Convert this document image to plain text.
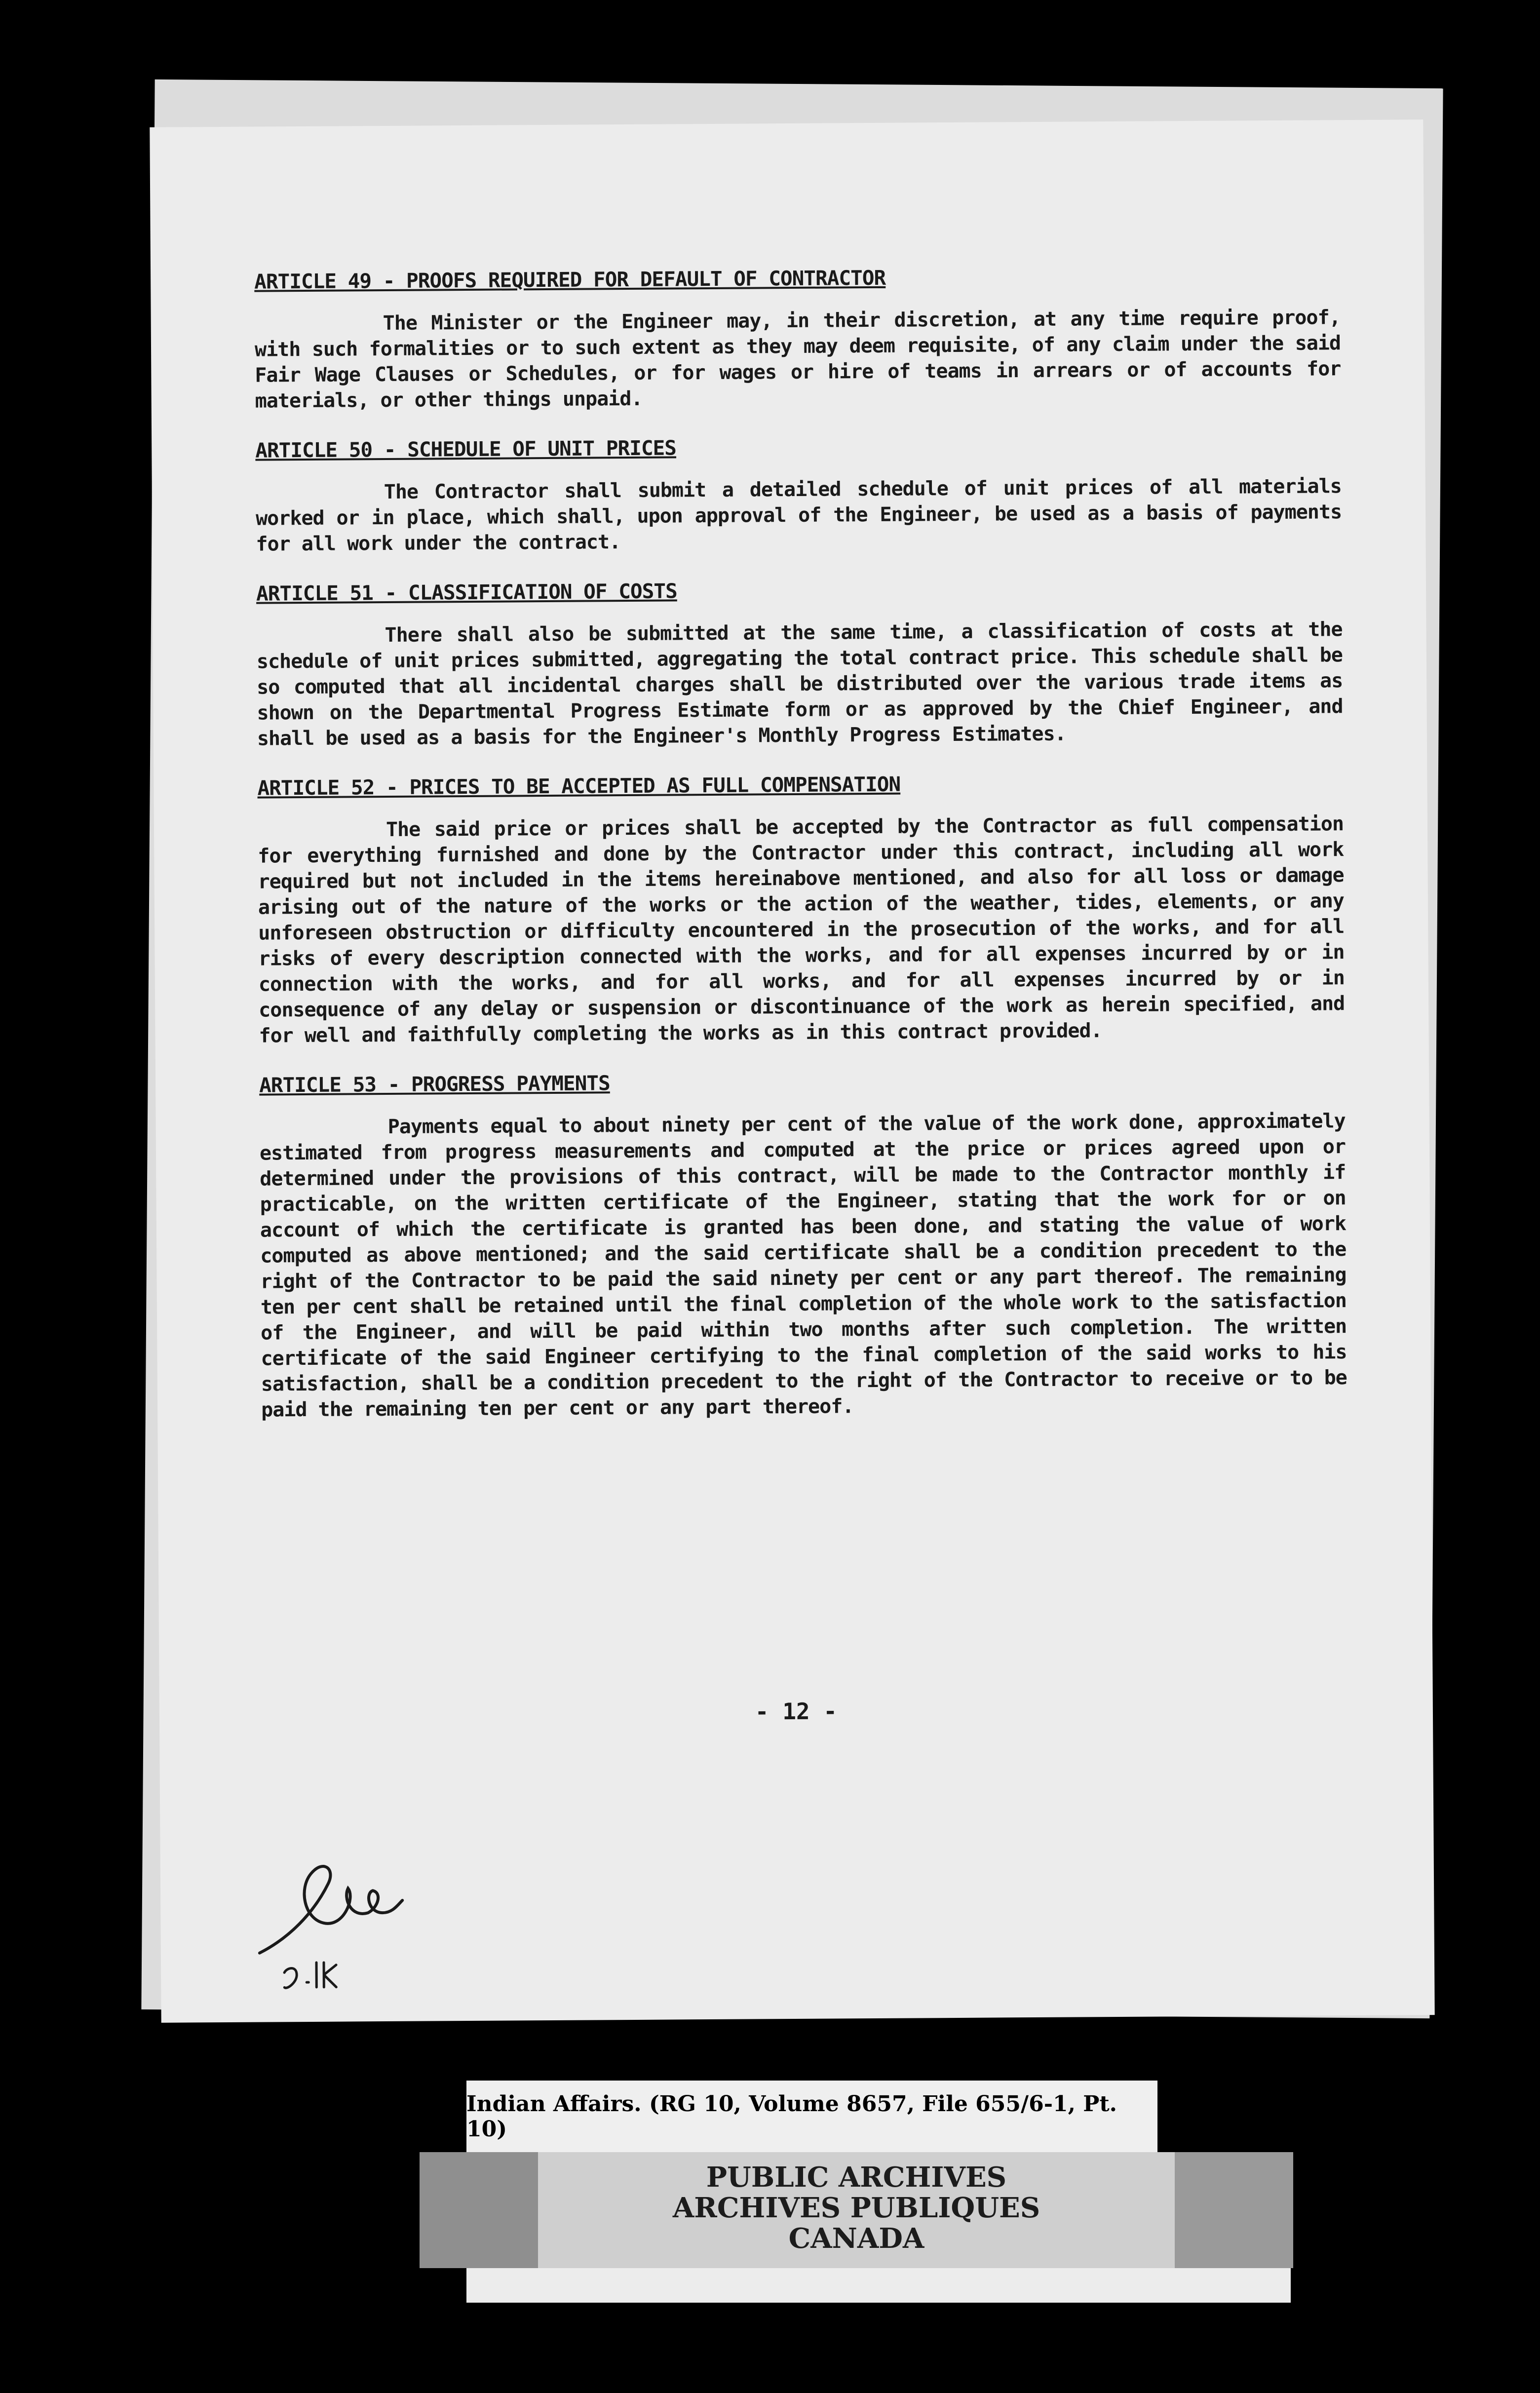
ARTICLE 49 - PROOFS REQUIRED FOR DEFAULT OF CONTRACTOR

The Minister or the Engineer may, in their discretion, at any time require proof, with such formalities or to such extent as they may deem requisite, of any claim under the said Fair Wage Clauses or Schedules, or for wages or hire of teams in arrears or of accounts for materials, or other things unpaid.

ARTICLE 50 - SCHEDULE OF UNIT PRICES

The Contractor shall submit a detailed schedule of unit prices of all materials worked or in place, which shall, upon approval of the Engineer, be used as a basis of payments for all work under the contract.

ARTICLE 51 - CLASSIFICATION OF COSTS

There shall also be submitted at the same time, a classification of costs at the schedule of unit prices submitted, aggregating the total contract price. This schedule shall be so computed that all incidental charges shall be distributed over the various trade items as shown on the Departmental Progress Estimate form or as approved by the Chief Engineer, and shall be used as a basis for the Engineer's Monthly Progress Estimates.

ARTICLE 52 - PRICES TO BE ACCEPTED AS FULL COMPENSATION

The said price or prices shall be accepted by the Contractor as full compensation for everything furnished and done by the Contractor under this contract, including all work required but not included in the items hereinabove mentioned, and also for all loss or damage arising out of the nature of the works or the action of the weather, tides, elements, or any unforeseen obstruction or difficulty encountered in the prosecution of the works, and for all risks of every description connected with the works, and for all expenses incurred by or in connection with the works, and for all works, and for all expenses incurred by or in consequence of any delay or suspension or discontinuance of the work as herein specified, and for well and faithfully completing the works as in this contract provided.

ARTICLE 53 - PROGRESS PAYMENTS

Payments equal to about ninety per cent of the value of the work done, approximately estimated from progress measurements and computed at the price or prices agreed upon or determined under the provisions of this contract, will be made to the Contractor monthly if practicable, on the written certificate of the Engineer, stating that the work for or on account of which the certificate is granted has been done, and stating the value of work computed as above mentioned; and the said certificate shall be a condition precedent to the right of the Contractor to be paid the said ninety per cent or any part thereof. The remaining ten per cent shall be retained until the final completion of the whole work to the satisfaction of the Engineer, and will be paid within two months after such completion. The written certificate of the said Engineer certifying to the final completion of the said works to his satisfaction, shall be a condition precedent to the right of the Contractor to receive or to be paid the remaining ten per cent or any part thereof.

- 12 -
Indian Affairs. (RG 10, Volume 8657, File 655/6-1, Pt. 10)
PUBLIC ARCHIVES
ARCHIVES PUBLIQUES
CANADA
